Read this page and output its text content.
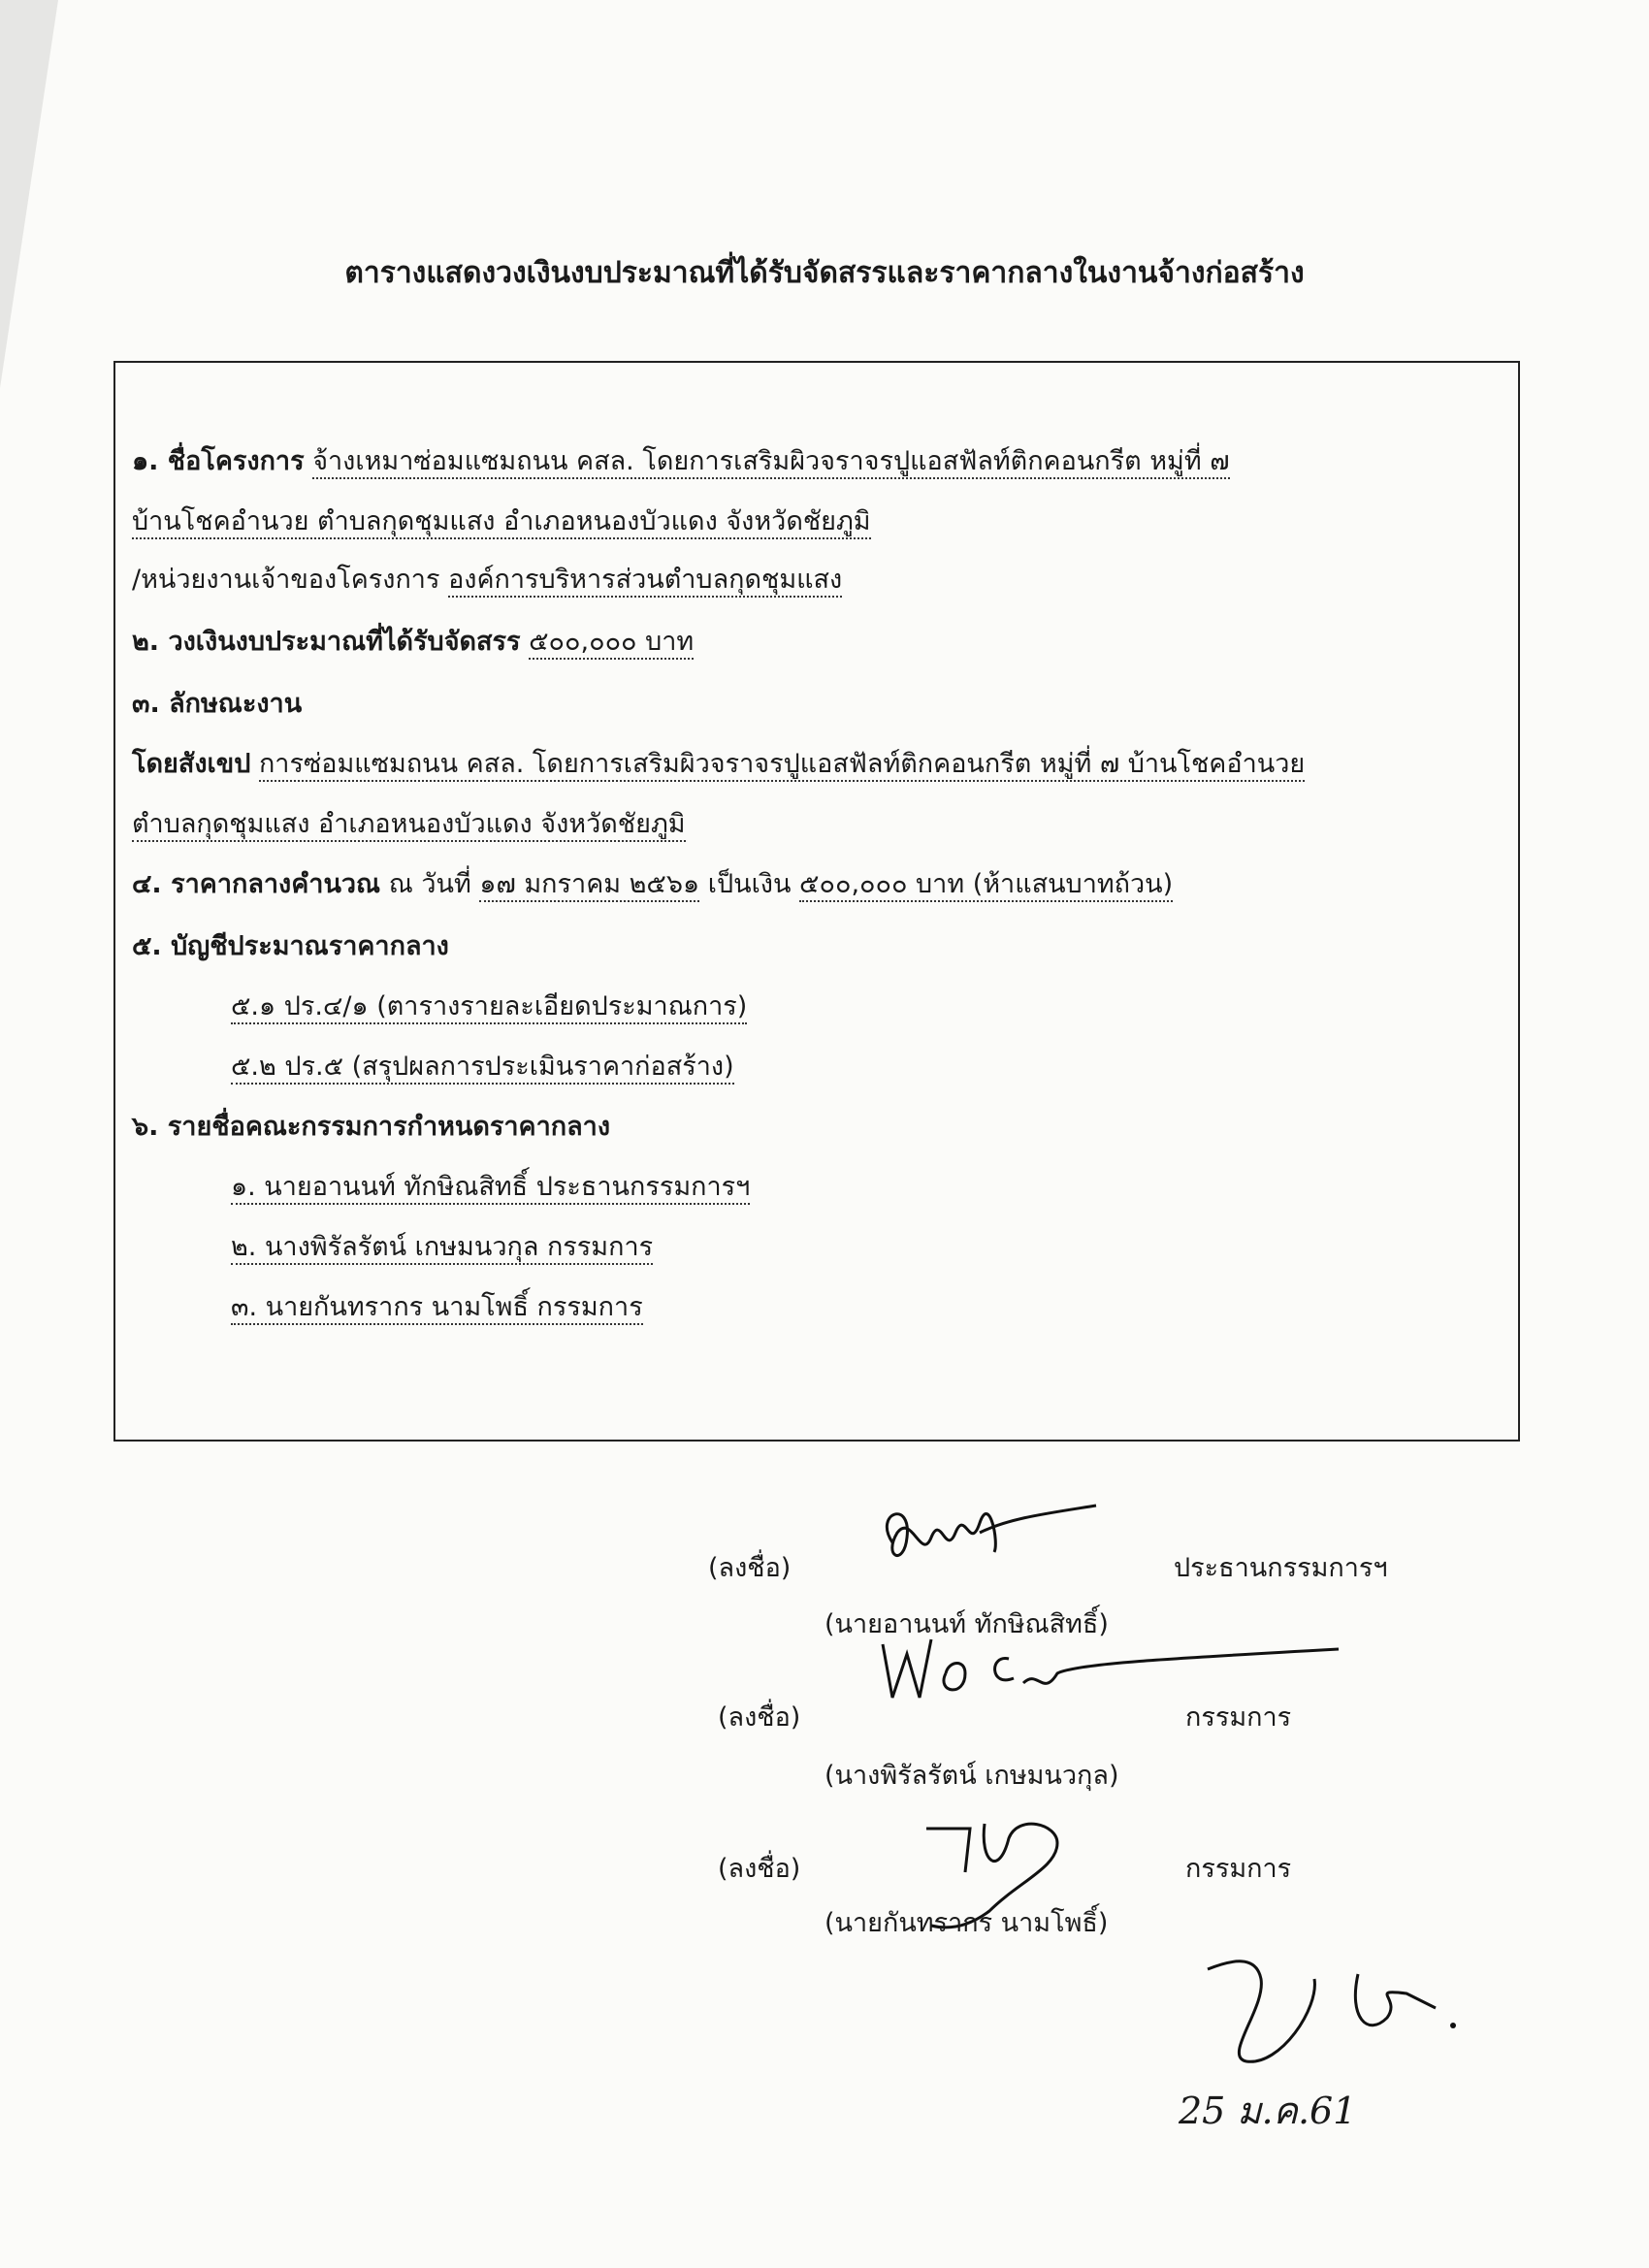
ตารางแสดงวงเงินงบประมาณที่ได้รับจัดสรรและราคากลางในงานจ้างก่อสร้าง
๑. ชื่อโครงการ จ้างเหมาซ่อมแซมถนน คสล. โดยการเสริมผิวจราจรปูแอสฟัลท์ติกคอนกรีต หมู่ที่ ๗
บ้านโชคอำนวย ตำบลกุดชุมแสง อำเภอหนองบัวแดง จังหวัดชัยภูมิ
/หน่วยงานเจ้าของโครงการ องค์การบริหารส่วนตำบลกุดชุมแสง
๒. วงเงินงบประมาณที่ได้รับจัดสรร ๕๐๐,๐๐๐ บาท
๓. ลักษณะงาน
โดยสังเขป การซ่อมแซมถนน คสล. โดยการเสริมผิวจราจรปูแอสฟัลท์ติกคอนกรีต หมู่ที่ ๗ บ้านโชคอำนวย
ตำบลกุดชุมแสง อำเภอหนองบัวแดง จังหวัดชัยภูมิ
๔. ราคากลางคำนวณ ณ วันที่ ๑๗ มกราคม ๒๕๖๑ เป็นเงิน ๕๐๐,๐๐๐ บาท (ห้าแสนบาทถ้วน)
๕. บัญชีประมาณราคากลาง
๕.๑ ปร.๔/๑ (ตารางรายละเอียดประมาณการ)
๕.๒ ปร.๕ (สรุปผลการประเมินราคาก่อสร้าง)
๖. รายชื่อคณะกรรมการกำหนดราคากลาง
๑. นายอานนท์ ทักษิณสิทธิ์ ประธานกรรมการฯ
๒. นางพิรัลรัตน์ เกษมนวกุล กรรมการ
๓. นายกันทรากร นามโพธิ์ กรรมการ
(ลงชื่อ)	ประธานกรรมการฯ
(นายอานนท์ ทักษิณสิทธิ์)
(ลงชื่อ)	กรรมการ
(นางพิรัลรัตน์ เกษมนวกุล)
(ลงชื่อ)	กรรมการ
(นายกันทรากร นามโพธิ์)
25 ม.ค.61
